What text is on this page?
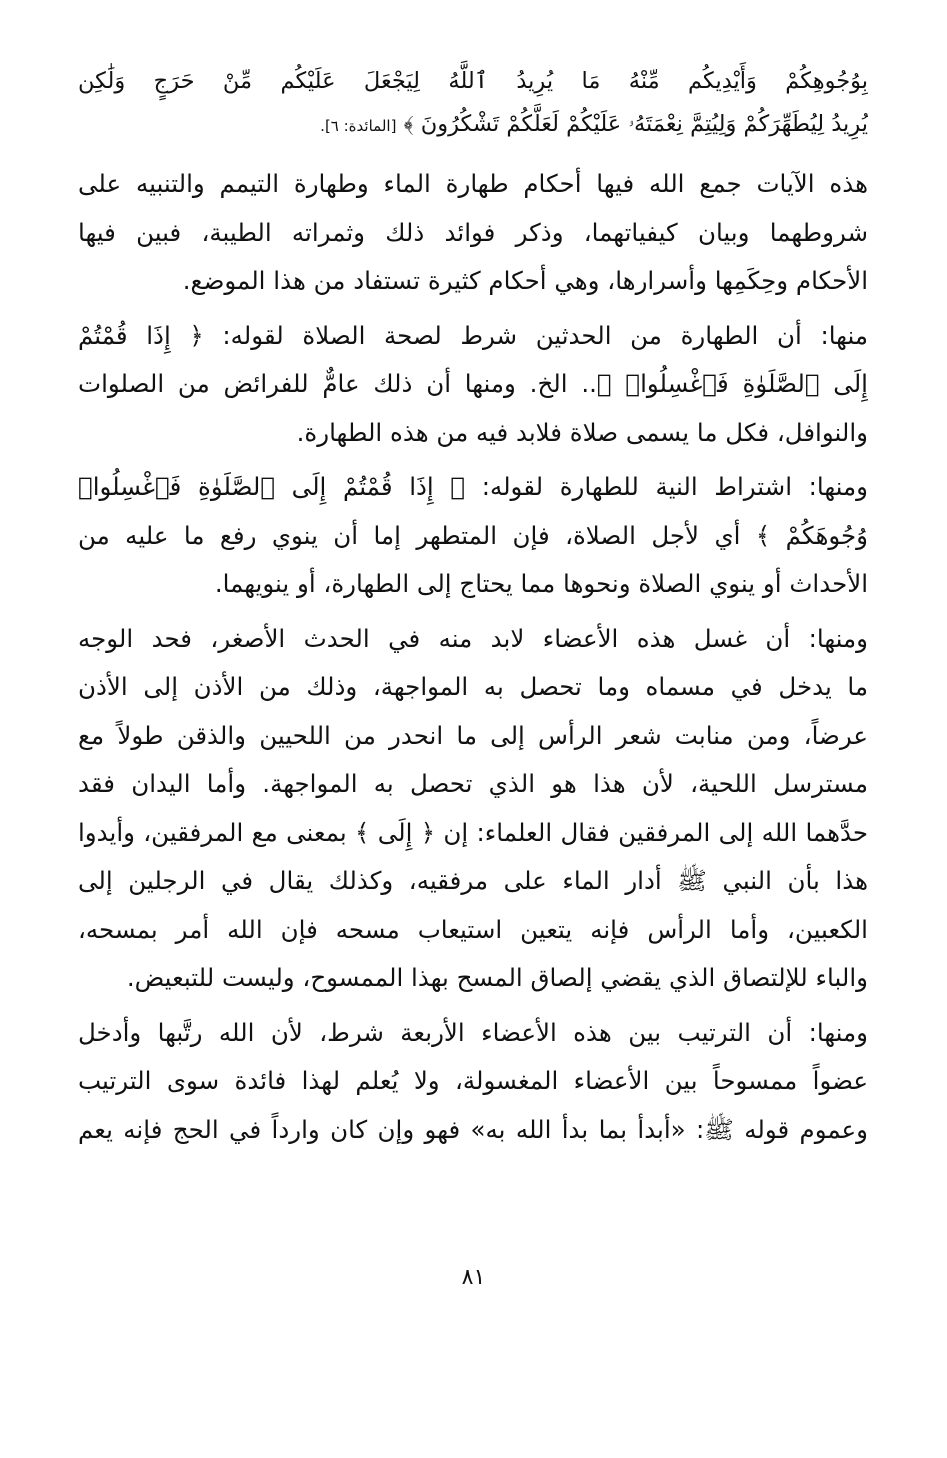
بِوُجُوهِكُمْ وَأَيْدِيكُم مِّنْهُ مَا يُرِيدُ ٱللَّهُ لِيَجْعَلَ عَلَيْكُم مِّنْ حَرَجٍ وَلَٰكِن
يُرِيدُ لِيُطَهِّرَكُمْ وَلِيُتِمَّ نِعْمَتَهُۥ عَلَيْكُمْ لَعَلَّكُمْ تَشْكُرُونَ ﴾ [المائدة: ٦].
هذه الآيات جمع الله فيها أحكام طهارة الماء وطهارة التيمم والتنبيه على
شروطهما وبيان كيفياتهما، وذكر فوائد ذلك وثمراته الطيبة، فبين فيها
الأحكام وحِكَمِها وأسرارها، وهي أحكام كثيرة تستفاد من هذا الموضع.
منها: أن الطهارة من الحدثين شرط لصحة الصلاة لقوله: ﴿ إِذَا قُمْتُمْ
إِلَى ٱلصَّلَوٰةِ فَٱغْسِلُوا۟ ﴾.. الخ. ومنها أن ذلك عامٌّ للفرائض من الصلوات
والنوافل، فكل ما يسمى صلاة فلابد فيه من هذه الطهارة.
ومنها: اشتراط النية للطهارة لقوله: ﴿ إِذَا قُمْتُمْ إِلَى ٱلصَّلَوٰةِ فَٱغْسِلُوا۟
وُجُوهَكُمْ ﴾ أي لأجل الصلاة، فإن المتطهر إما أن ينوي رفع ما عليه من
الأحداث أو ينوي الصلاة ونحوها مما يحتاج إلى الطهارة، أو ينويهما.
ومنها: أن غسل هذه الأعضاء لابد منه في الحدث الأصغر، فحد الوجه
ما يدخل في مسماه وما تحصل به المواجهة، وذلك من الأذن إلى الأذن
عرضاً، ومن منابت شعر الرأس إلى ما انحدر من اللحيين والذقن طولاً مع
مسترسل اللحية، لأن هذا هو الذي تحصل به المواجهة. وأما اليدان فقد
حدَّهما الله إلى المرفقين فقال العلماء: إن ﴿ إِلَى ﴾ بمعنى مع المرفقين، وأيدوا
هذا بأن النبي ﷺ أدار الماء على مرفقيه، وكذلك يقال في الرجلين إلى
الكعبين، وأما الرأس فإنه يتعين استيعاب مسحه فإن الله أمر بمسحه،
والباء للإلتصاق الذي يقضي إلصاق المسح بهذا الممسوح، وليست للتبعيض.
ومنها: أن الترتيب بين هذه الأعضاء الأربعة شرط، لأن الله رتَّبها وأدخل
عضواً ممسوحاً بين الأعضاء المغسولة، ولا يُعلم لهذا فائدة سوى الترتيب
وعموم قوله ﷺ: «أبدأ بما بدأ الله به» فهو وإن كان وارداً في الحج فإنه يعم
٨١
